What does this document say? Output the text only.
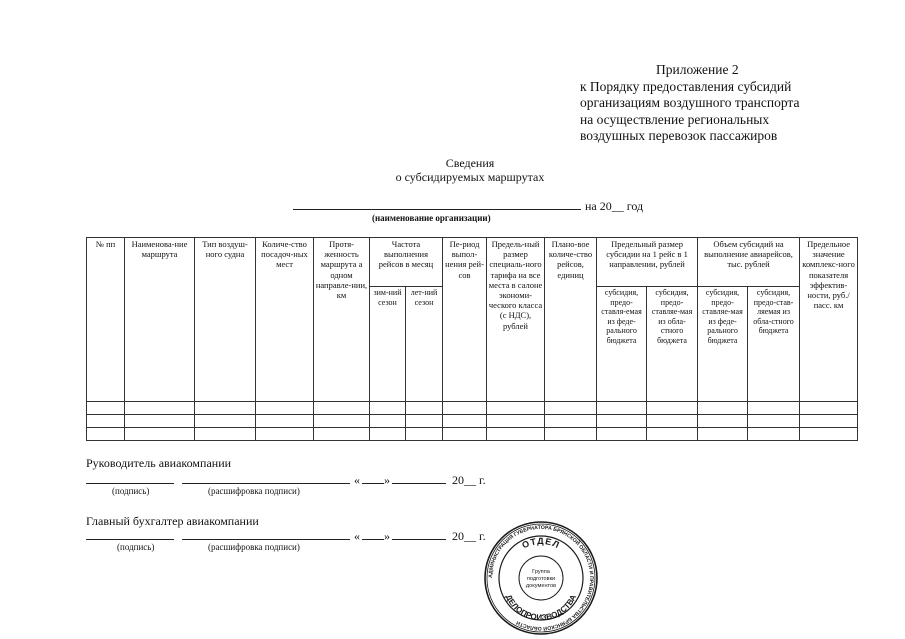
Приложение 2
к Порядку предоставления субсидий
организациям воздушного транспорта
на осуществление региональных
воздушных перевозок пассажиров
Сведения
о субсидируемых маршрутах
на 20__ год
(наименование организации)
№ пп	Наименова-ние маршрута	Тип воздуш-ного судна	Количе-ство посадоч-ных мест	Протя-женность маршрута а одном направле-нии, км	Частота выполнения рейсов в месяц		Пе-риод выпол-нения рей-сов	Предель-ный размер специаль-ного тарифа на все места в салоне экономи-ческого класса (с НДС), рублей	Плано-вое количе-ство рейсов, единиц	Предельный размер субсидии на 1 рейс в 1 направлении, рублей		Объем субсидий на выполнение авиарейсов, тыс. рублей		Предельное значение комплекс-ного показателя эффектив-ности, руб./пасс. км
					зим-ний сезон	лет-ний сезон				субсидия, предо-ставля-емая из феде-рального бюджета	субсидия, предо-ставляе-мая из обла-стного бюджета	субсидия, предо-ставляе-мая из феде-рального бюджета	субсидия, предо-став-ляемая из обла-стного бюджета	

Руководитель авиакомпании
« »	20__ г.
(подпись)	(расшифровка подписи)
Главный бухгалтер авиакомпании
« »	20__ г.
(подпись)	(расшифровка подписи)
АДМИНИСТРАЦИЯ ГУБЕРНАТОРА БРЯНСКОЙ ОБЛАСТИ И ПРАВИТЕЛЬСТВА БРЯНСКОЙ ОБЛАСТИ
ОТДЕЛ
ДЕЛОПРОИЗВОДСТВА
Группа
подготовки
документов
